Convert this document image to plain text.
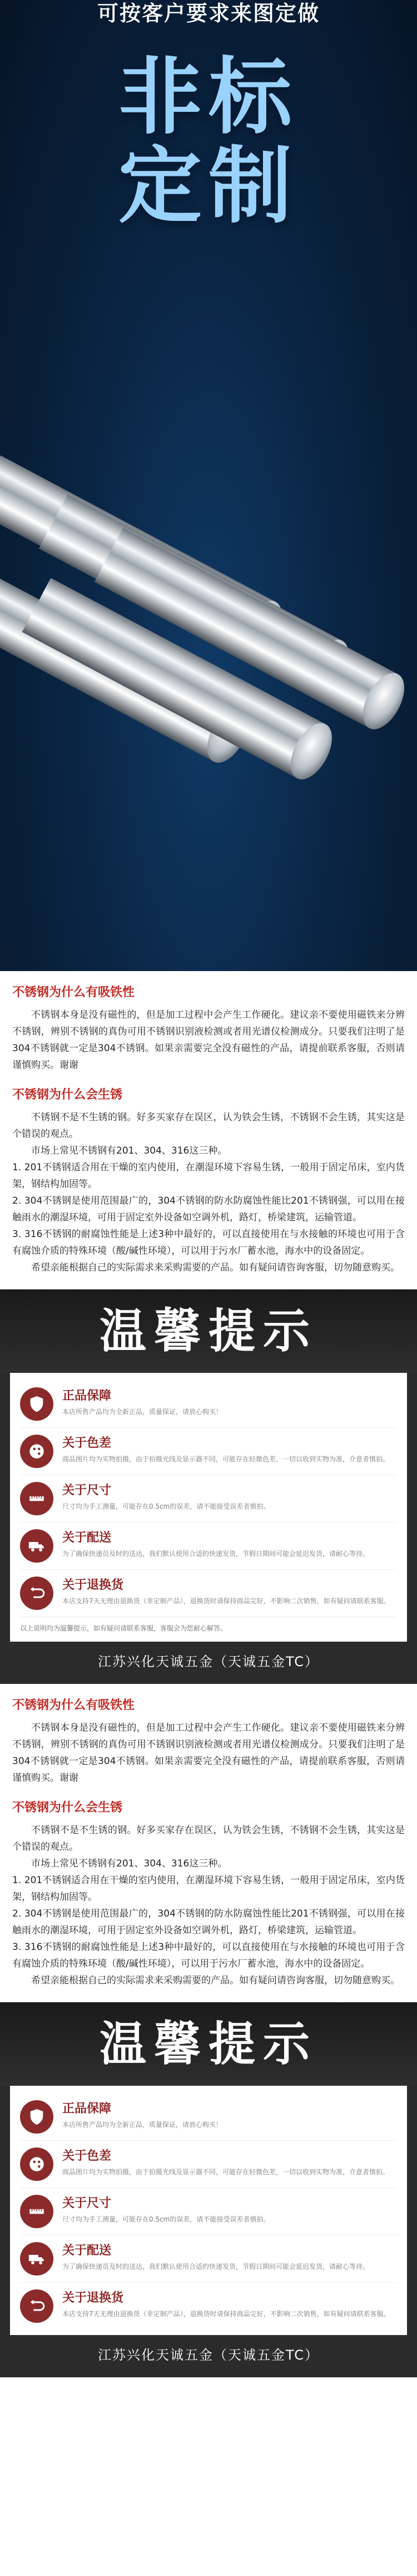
可按客户要求来图定做
非标
定制
不锈钢为什么有吸铁性

不锈钢本身是没有磁性的，但是加工过程中会产生工作硬化。建议亲不要使用磁铁来分辨不锈钢，辨别不锈钢的真伪可用不锈钢识别液检测或者用光谱仪检测成分。只要我们注明了是304不锈钢就一定是304不锈钢。如果亲需要完全没有磁性的产品，请提前联系客服，否则请谨慎购买。谢谢

不锈钢为什么会生锈

不锈钢不是不生锈的钢。好多买家存在误区，认为铁会生锈，不锈钢不会生锈，其实这是个错误的观点。

市场上常见不锈钢有201、304、316这三种。

1. 201不锈钢适合用在干燥的室内使用，在潮湿环境下容易生锈，一般用于固定吊床，室内货架，钢结构加固等。

2. 304不锈钢是使用范围最广的，304不锈钢的防水防腐蚀性能比201不锈钢强，可以用在接触雨水的潮湿环境，可用于固定室外设备如空调外机，路灯，桥梁建筑，运输管道。

3. 316不锈钢的耐腐蚀性能是上述3种中最好的，可以直接使用在与水接触的环境也可用于含有腐蚀介质的特殊环境（酸/碱性环境），可以用于污水厂蓄水池，海水中的设备固定。

希望亲能根据自己的实际需求来采购需要的产品。如有疑问请咨询客服，切勿随意购买。

温馨提示
正品保障
本店所售产品均为全新正品，质量保证，请放心购买！
关于色差
商品图片均为实物拍摄，由于拍摄光线及显示器不同，可能存在轻微色差，一切以收到实物为准，介意者慎拍。
关于尺寸
尺寸均为手工测量，可能存在0.5cm的误差，请不能接受误差者慎拍。
关于配送
为了确保快递员及时的送达，我们默认使用合适的快递发货，节假日期间可能会延迟发货，请耐心等待。
关于退换货
本店支持7天无理由退换货（非定制产品），退换货时请保持商品完好，不影响二次销售，如有疑问请联系客服。
以上说明均为温馨提示，如有疑问请联系客服，客服会为您耐心解答。
江苏兴化天诚五金（天诚五金TC）
不锈钢为什么有吸铁性

不锈钢本身是没有磁性的，但是加工过程中会产生工作硬化。建议亲不要使用磁铁来分辨不锈钢，辨别不锈钢的真伪可用不锈钢识别液检测或者用光谱仪检测成分。只要我们注明了是304不锈钢就一定是304不锈钢。如果亲需要完全没有磁性的产品，请提前联系客服，否则请谨慎购买。谢谢

不锈钢为什么会生锈

不锈钢不是不生锈的钢。好多买家存在误区，认为铁会生锈，不锈钢不会生锈，其实这是个错误的观点。

市场上常见不锈钢有201、304、316这三种。

1. 201不锈钢适合用在干燥的室内使用，在潮湿环境下容易生锈，一般用于固定吊床，室内货架，钢结构加固等。

2. 304不锈钢是使用范围最广的，304不锈钢的防水防腐蚀性能比201不锈钢强，可以用在接触雨水的潮湿环境，可用于固定室外设备如空调外机，路灯，桥梁建筑，运输管道。

3. 316不锈钢的耐腐蚀性能是上述3种中最好的，可以直接使用在与水接触的环境也可用于含有腐蚀介质的特殊环境（酸/碱性环境），可以用于污水厂蓄水池，海水中的设备固定。

希望亲能根据自己的实际需求来采购需要的产品。如有疑问请咨询客服，切勿随意购买。

温馨提示
正品保障
本店所售产品均为全新正品，质量保证，请放心购买！
关于色差
商品图片均为实物拍摄，由于拍摄光线及显示器不同，可能存在轻微色差，一切以收到实物为准，介意者慎拍。
关于尺寸
尺寸均为手工测量，可能存在0.5cm的误差，请不能接受误差者慎拍。
关于配送
为了确保快递员及时的送达，我们默认使用合适的快递发货，节假日期间可能会延迟发货，请耐心等待。
关于退换货
本店支持7天无理由退换货（非定制产品），退换货时请保持商品完好，不影响二次销售，如有疑问请联系客服。
江苏兴化天诚五金（天诚五金TC）
